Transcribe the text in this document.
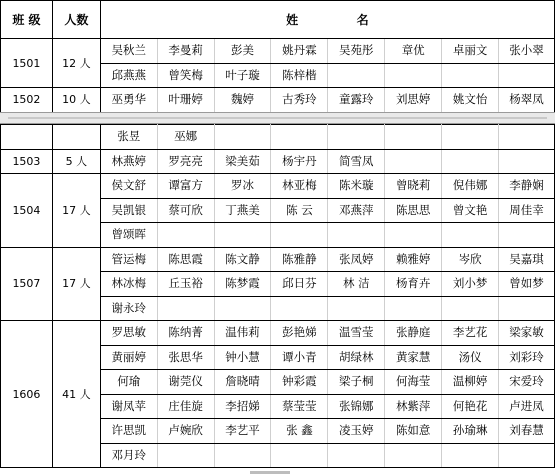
班 级	人数	姓              名							
1501	12 人	吴秋兰	李曼莉	彭美	姚丹霖	吴苑彤	章优	卓丽文	张小翠
		邱燕燕	曾笑梅	叶子璇	陈梓楷				
1502	10 人	巫勇华	叶珊婷	魏婷	古秀玲	童露玲	刘思婷	姚文怡	杨翠凤
		张昱	巫娜						
1503	5 人	林燕婷	罗亮亮	梁美茹	杨宇丹	简雪凤			
1504	17 人	侯文舒	谭富方	罗冰	林亚梅	陈米璇	曾晓莉	倪伟娜	李静娴
		吴凯银	蔡可欣	丁燕美	陈 云	邓燕萍	陈思思	曾文艳	周佳幸
		曾颂晖							
1507	17 人	管运梅	陈思霞	陈文静	陈雅静	张凤婷	赖雅婷	岑欣	吴嘉琪
		林冰梅	丘玉裕	陈梦霞	邱日芬	林 洁	杨育卉	刘小梦	曾如梦
		谢永玲							
1606	41 人	罗思敏	陈纳菁	温伟莉	彭艳娣	温雪莹	张静庭	李艺花	梁家敏
		黄丽婷	张思华	钟小慧	谭小青	胡绿林	黄家慧	汤仪	刘彩玲
		何瑜	谢莞仪	詹晓晴	钟彩霞	梁子桐	何海莹	温柳婷	宋爱玲
		谢凤苹	庄佳旋	李招娣	蔡莹莹	张锦娜	林紫萍	何艳花	卢进凤
		许思凯	卢婉欣	李艺平	张 鑫	凌玉婷	陈如意	孙瑜琳	刘春慧
		邓月玲							
